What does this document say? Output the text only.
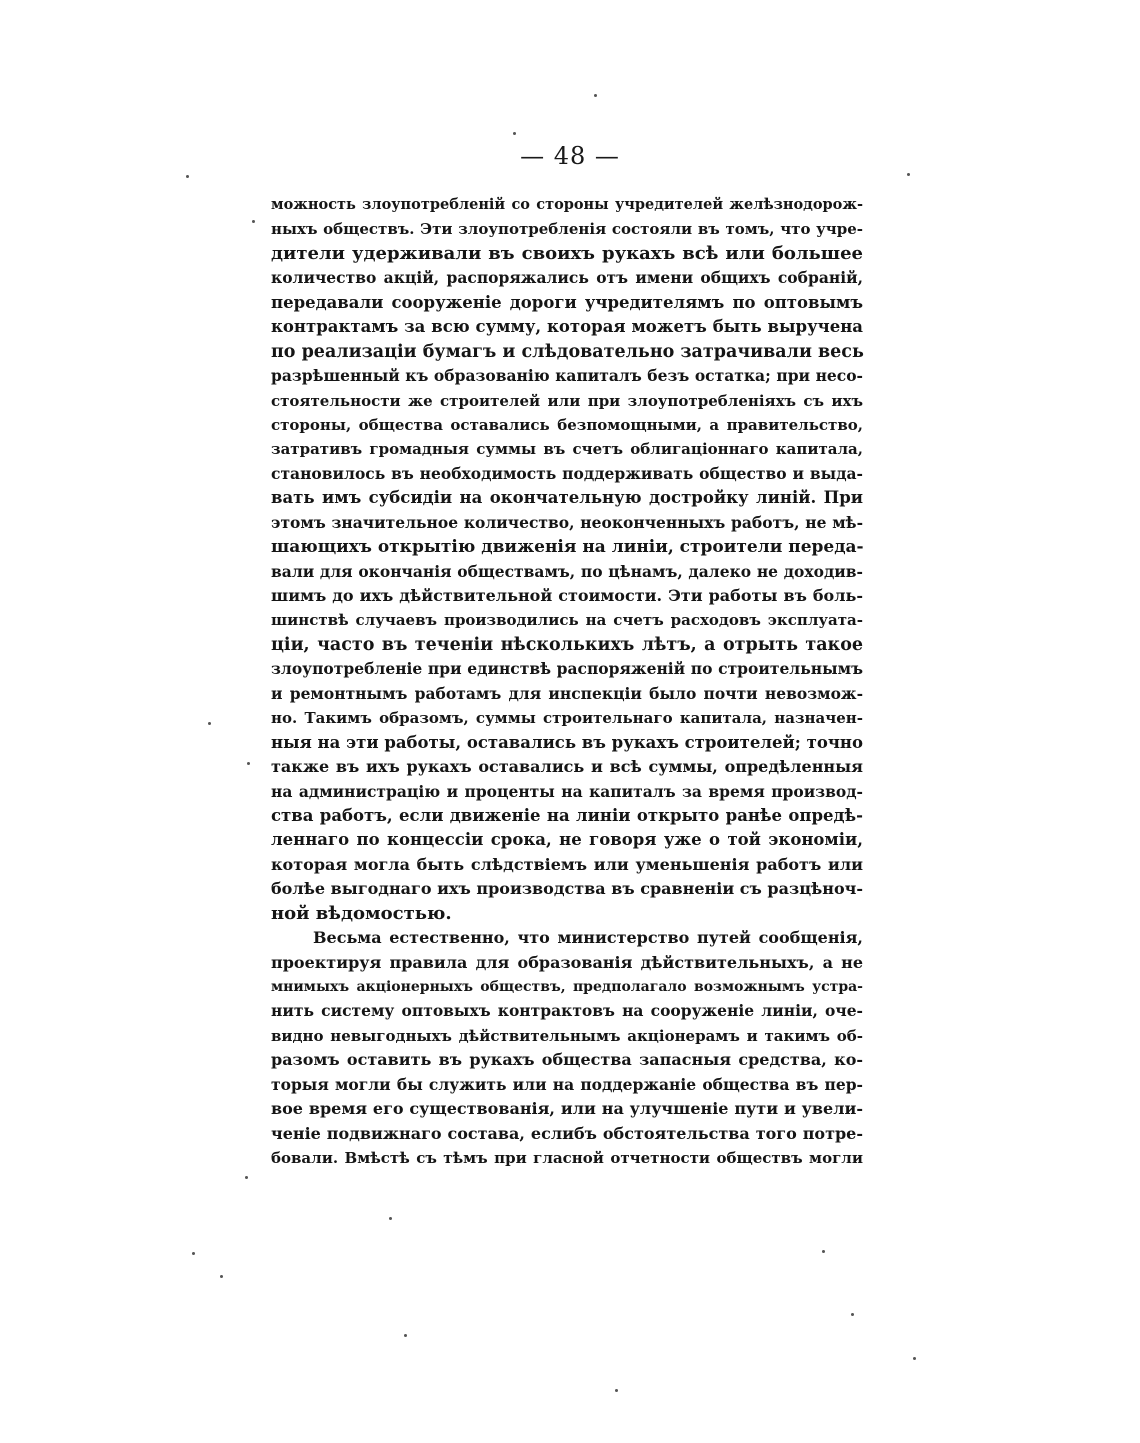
— 48 —
можность злоупотребленій со стороны учредителей желѣзнодорож-
ныхъ обществъ. Эти злоупотребленія состояли въ томъ, что учре-
дители удерживали въ своихъ рукахъ всѣ или большее
количество акцій, распоряжались отъ имени общихъ собраній,
передавали сооруженіе дороги учредителямъ по оптовымъ
контрактамъ за всю сумму, которая можетъ быть выручена
по реализаціи бумагъ и слѣдовательно затрачивали весь
разрѣшенный къ образованію капиталъ безъ остатка; при несо-
стоятельности же строителей или при злоупотребленіяхъ съ ихъ
стороны, общества оставались безпомощными, а правительство,
затративъ громадныя суммы въ счетъ облигаціоннаго капитала,
становилось въ необходимость поддерживать общество и выда-
вать имъ субсидіи на окончательную достройку линій. При
этомъ значительное количество, неоконченныхъ работъ, не мѣ-
шающихъ открытію движенія на линіи, строители переда-
вали для окончанія обществамъ, по цѣнамъ, далеко не доходив-
шимъ до ихъ дѣйствительной стоимости. Эти работы въ боль-
шинствѣ случаевъ производились на счетъ расходовъ эксплуата-
ціи, часто въ теченіи нѣсколькихъ лѣтъ, а отрыть такое
злоупотребленіе при единствѣ распоряженій по строительнымъ
и ремонтнымъ работамъ для инспекціи было почти невозмож-
но. Такимъ образомъ, суммы строительнаго капитала, назначен-
ныя на эти работы, оставались въ рукахъ строителей; точно
также въ ихъ рукахъ оставались и всѣ суммы, опредѣленныя
на администрацію и проценты на капиталъ за время производ-
ства работъ, если движеніе на линіи открыто ранѣе опредѣ-
леннаго по концессіи срока, не говоря уже о той экономіи,
которая могла быть слѣдствіемъ или уменьшенія работъ или
болѣе выгоднаго ихъ производства въ сравненіи съ разцѣноч-
ной вѣдомостью.
Весьма естественно, что министерство путей сообщенія,
проектируя правила для образованія дѣйствительныхъ, а не
мнимыхъ акціонерныхъ обществъ, предполагало возможнымъ устра-
нить систему оптовыхъ контрактовъ на сооруженіе линіи, оче-
видно невыгодныхъ дѣйствительнымъ акціонерамъ и такимъ об-
разомъ оставить въ рукахъ общества запасныя средства, ко-
торыя могли бы служить или на поддержаніе общества въ пер-
вое время его существованія, или на улучшеніе пути и увели-
ченіе подвижнаго состава, еслибъ обстоятельства того потре-
бовали. Вмѣстѣ съ тѣмъ при гласной отчетности обществъ могли
